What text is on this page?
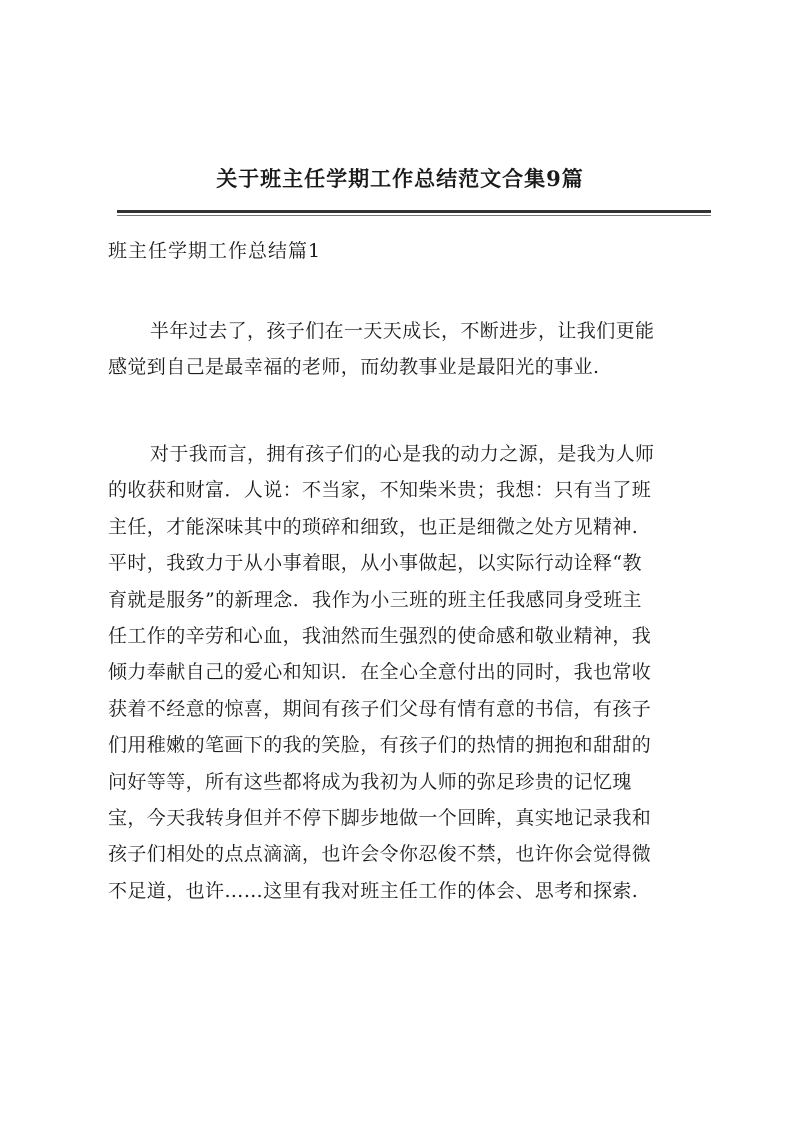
关于班主任学期工作总结范文合集9篇
班主任学期工作总结篇1
半年过去了，孩子们在一天天成长，不断进步，让我们更能
感觉到自己是最幸福的老师，而幼教事业是最阳光的事业.
对于我而言，拥有孩子们的心是我的动力之源，是我为人师
的收获和财富．人说：不当家，不知柴米贵；我想：只有当了班
主任，才能深味其中的琐碎和细致，也正是细微之处方见精神.
平时，我致力于从小事着眼，从小事做起，以实际行动诠释“教
育就是服务”的新理念．我作为小三班的班主任我感同身受班主
任工作的辛劳和心血，我油然而生强烈的使命感和敬业精神，我
倾力奉献自己的爱心和知识．在全心全意付出的同时，我也常收
获着不经意的惊喜，期间有孩子们父母有情有意的书信，有孩子
们用稚嫩的笔画下的我的笑脸，有孩子们的热情的拥抱和甜甜的
问好等等，所有这些都将成为我初为人师的弥足珍贵的记忆瑰
宝，今天我转身但并不停下脚步地做一个回眸，真实地记录我和
孩子们相处的点点滴滴，也许会令你忍俊不禁，也许你会觉得微
不足道，也许……这里有我对班主任工作的体会、思考和探索.
